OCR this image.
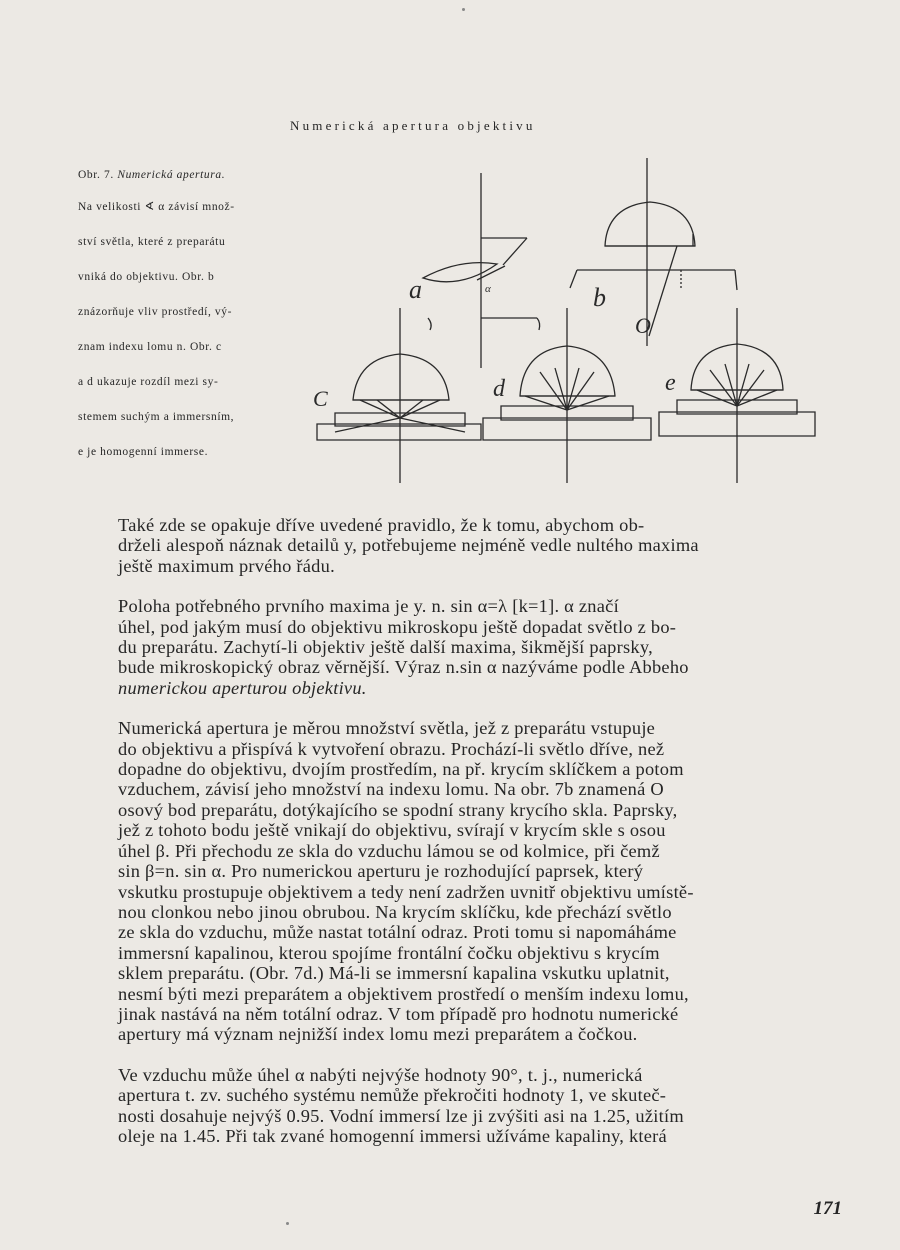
Numerická apertura objektivu
Obr. 7. Numerická apertura.
Na velikosti ∢ α závisí množ-
ství světla, které z preparátu
vniká do objektivu. Obr. b
znázorňuje vliv prostředí, vý-
znam indexu lomu n. Obr. c
a d ukazuje rozdíl mezi sy-
stemem suchým a immersním,
e je homogenní immerse.
a	α	b
O
C	d	e

Také zde se opakuje dříve uvedené pravidlo, že k tomu, abychom ob-
drželi alespoň náznak detailů y, potřebujeme nejméně vedle nultého maxima
ještě maximum prvého řádu.

Poloha potřebného prvního maxima je y. n. sin α=λ [k=1]. α značí
úhel, pod jakým musí do objektivu mikroskopu ještě dopadat světlo z bo-
du preparátu. Zachytí-li objektiv ještě další maxima, šikmější paprsky,
bude mikroskopický obraz věrnější. Výraz n.sin α nazýváme podle Abbeho
numerickou aperturou objektivu.

Numerická apertura je měrou množství světla, jež z preparátu vstupuje
do objektivu a přispívá k vytvoření obrazu. Prochází-li světlo dříve, než
dopadne do objektivu, dvojím prostředím, na př. krycím sklíčkem a potom
vzduchem, závisí jeho množství na indexu lomu. Na obr. 7b znamená O
osový bod preparátu, dotýkajícího se spodní strany krycího skla. Paprsky,
jež z tohoto bodu ještě vnikají do objektivu, svírají v krycím skle s osou
úhel β. Při přechodu ze skla do vzduchu lámou se od kolmice, při čemž
sin β=n. sin α. Pro numerickou aperturu je rozhodující paprsek, který
vskutku prostupuje objektivem a tedy není zadržen uvnitř objektivu umístě-
nou clonkou nebo jinou obrubou. Na krycím sklíčku, kde přechází světlo
ze skla do vzduchu, může nastat totální odraz. Proti tomu si napomáháme
immersní kapalinou, kterou spojíme frontální čočku objektivu s krycím
sklem preparátu. (Obr. 7d.) Má-li se immersní kapalina vskutku uplatnit,
nesmí býti mezi preparátem a objektivem prostředí o menším indexu lomu,
jinak nastává na něm totální odraz. V tom případě pro hodnotu numerické
apertury má význam nejnižší index lomu mezi preparátem a čočkou.

Ve vzduchu může úhel α nabýti nejvýše hodnoty 90°, t. j., numerická
apertura t. zv. suchého systému nemůže překročiti hodnoty 1, ve skuteč-
nosti dosahuje nejvýš 0.95. Vodní immersí lze ji zvýšiti asi na 1.25, užitím
oleje na 1.45. Při tak zvané homogenní immersi užíváme kapaliny, která

171
